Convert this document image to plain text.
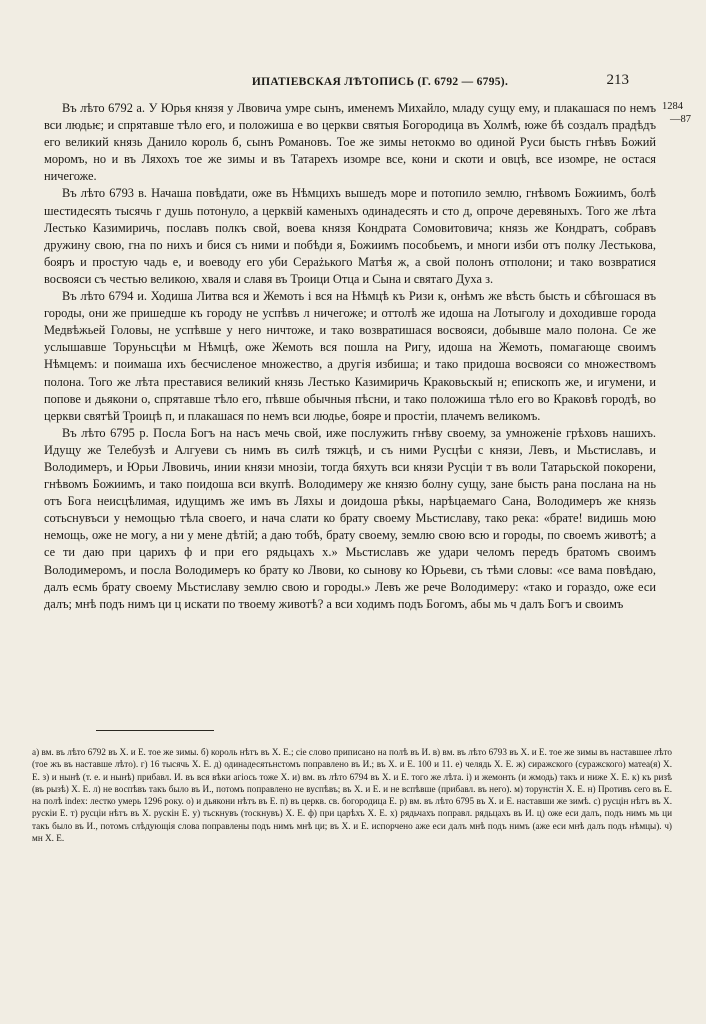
ИПАТIЕВСКАЯ ЛѢТОПИСЬ (Г. 6792 — 6795).	213
1284
—87

Въ лѣто 6792 а. У Юрья князя у Лвовича умре сынъ, именемъ Михайло, младу сущу ему, и плакашася по немъ вси людьѥ; и спрятавше тѣло его, и положиша е во церкви святыя Богородица въ Холмѣ, юже бѣ создалъ прадѣдъ его великий князь Данило король б, сынъ Романовъ. Тое же зимы нетокмо во одиной Руси бысть гнѣвъ Божий моромъ, но и въ Ляхохъ тое же зимы и въ Татарехъ изомре все, кони и скоти и овцѣ, все изомре, не остася ничегоже.

Въ лѣто 6793 в. Начаша повѣдати, оже въ Нѣмцихъ вышедъ море и потопило землю, гнѣвомъ Божиимъ, болѣ шестидесять тысячь г душь потонуло, а церквій каменыхъ одинадесять и сто д, опроче деревяныхъ. Того же лѣта Лестько Казимиричь, пославъ полкъ свой, воева князя Кондрата Сомовитовича; князь же Кондратъ, собравъ дружину свою, гна по нихъ и бися съ ними и побѣди я, Божиимъ пособьемъ, и многи изби отъ полку Лестькова, бояръ и простую чадь е, и воеводу его уби Сераżького Матѣя ж, а свой полонъ отполони; и тако возвратися восвояси съ честью великою, хваля и славя въ Троици Отца и Сына и святаго Духа з.

Въ лѣто 6794 и. Ходиша Литва вся и Жемоть і вся на Нѣмцѣ къ Ризи к, онѣмъ же вѣсть бысть и сбѣгошася въ городы, они же пришедше къ городу не успѣвъ л ничегоже; и оттолѣ же идоша на Лотыголу и доходивше города Медвѣжьей Головы, не успѣвше у него ничтоже, и тако возвратишася восвояси, добывше мало полона. Се же услышавше Торуньсцѣи м Нѣмцѣ, оже Жемоть вся пошла на Ригу, идоша на Жемоть, помагающе своимъ Нѣмцемъ: и поимаша ихъ бесчисленое множество, а другія избиша; и тако придоша восвояси со множествомъ полона. Того же лѣта преставися великий князь Лестько Казимиричь Краковьскый н; епископъ же, и игумени, и попове и дьякони о, спрятавше тѣло его, пѣвше обычныя пѣсни, и тако положиша тѣло его во Краковѣ городѣ, во церкви святѣй Троицѣ п, и плакашася по немъ вси людье, бояре и простіи, плачемъ великомъ.

Въ лѣто 6795 р. Посла Богъ на насъ мечь свой, иже послужить гнѣву своему, за умноженіе грѣховъ нашихъ. Идущу же Телебузѣ и Алгуеви съ нимъ въ силѣ тяжцѣ, и съ ними Русцѣи с князи, Левъ, и Мьстиславъ, и Володимеръ, и Юрьи Лвовичь, инии князи мнозіи, тогда бяхуть вси князи Русціи т въ воли Татарьской покорени, гнѣвомъ Божиимъ, и тако поидоша вси вкупѣ. Володимеру же князю болну сущу, зане бысть рана послана на нь отъ Бога неисцѣлимая, идущимъ же имъ въ Ляхы и доидоша рѣкы, нарѣцаемаго Сана, Володимеръ же князь сотьснувъси у немощью тѣла своего, и нача слати ко брату своему Мьстиславу, тако река: «брате! видишь мою немощь, оже не могу, а ни у мене дѣтій; а даю тобѣ, брату своему, землю свою всю и городы, по своемъ животѣ; а се ти даю при царихъ ф и при его рядьцахъ х.» Мьстиславъ же удари челомъ передъ братомъ своимъ Володимеромъ, и посла Володимеръ ко брату ко Лвови, ко сынову ко Юрьеви, съ тѣми словы: «се вама повѣдаю, далъ есмь брату своему Мьстиславу землю свою и городы.» Левъ же рече Володимеру: «тако и гораздо, оже еси далъ; мнѣ подъ нимъ ци ц искати по твоему животѣ? а вси ходимъ подъ Богомъ, абы мь ч далъ Богъ и своимъ

а) вм. въ лѣто 6792 въ Х. и Е. тое же зимы. б) король нѣтъ въ Х. Е.; сіе слово приписано на полѣ въ И. в) вм. въ лѣто 6793 въ Х. и Е. тое же зимы въ наставшее лѣто (тое жъ въ наставше лѣто). г) 16 тысячь Х. Е. д) одинадесятьнстомъ поправлено въ И.; въ Х. и Е. 100 и 11. е) челядь Х. Е. ж) сиражского (суражского) матеа(я) Х. Е. з) и нынѣ (т. е. и нынѣ) прибавл. И. въ вся вѣки агіось тоже Х. и) вм. въ лѣто 6794 въ Х. и Е. того же лѣта. і) и жемонть (и жмодь) такъ и ниже Х. Е. к) къ ризѣ (въ рызѣ) Х. Е. л) не воспѣвъ такъ было въ И., потомъ поправлено не вуспѣвъ; въ Х. и Е. и не вспѣвше (прибавл. въ него). м) торунстін Х. Е. н) Противъ сего въ Е. на полѣ index: лестко умерь 1296 року. о) и дьякони нѣтъ въ Е. п) въ церкв. св. богородица Е. р) вм. въ лѣто 6795 въ Х. и Е. наставши же зимѣ. с) русцін нѣтъ въ Х. рускіи Е. т) русціи нѣтъ въ Х. рускін Е. у) тьскнувъ (тоскнувъ) Х. Е. ф) при царѣхъ Х. Е. х) рядьчахъ поправл. рядьцахъ въ И. ц) оже еси далъ, подъ нимъ мь ци такъ было въ И., потомъ слѣдующія слова поправлены подъ нимъ мнѣ ци; въ Х. и Е. испорчено аже еси далъ мнѣ подъ нимъ (аже еси мнѣ далъ подъ нѣмцы). ч) мн Х. Е.
